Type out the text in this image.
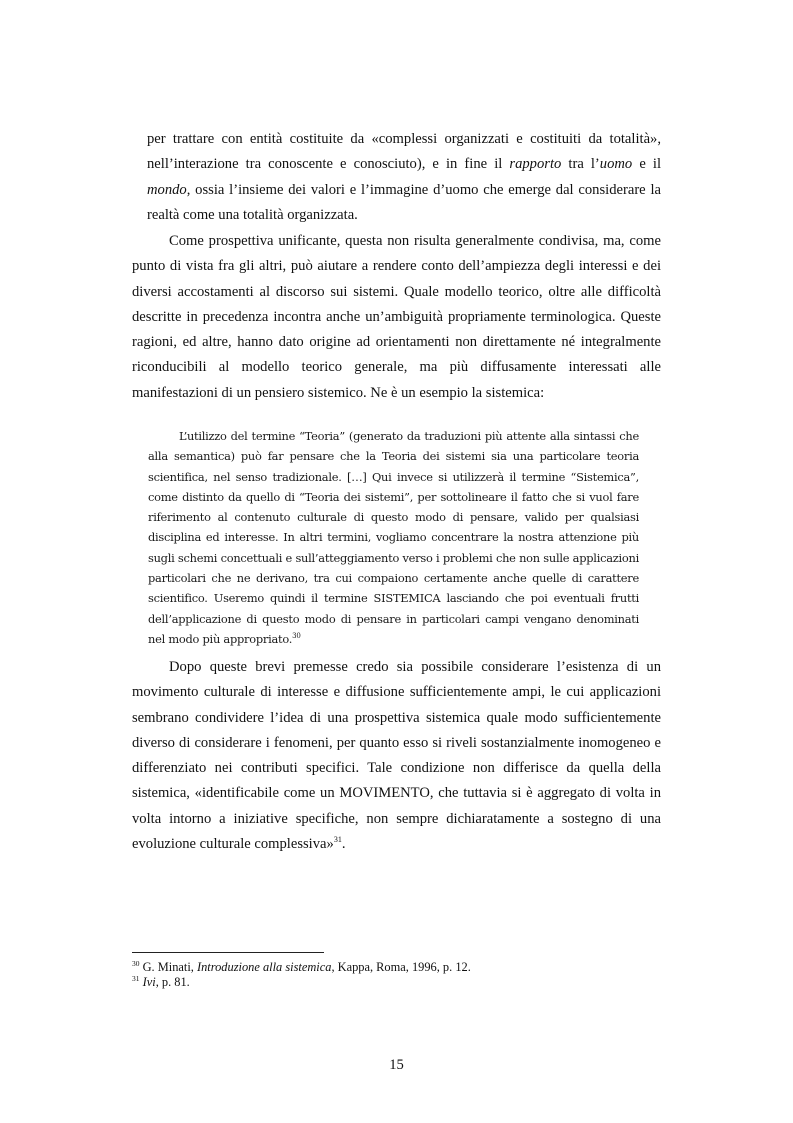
per trattare con entità costituite da «complessi organizzati e costituiti da totalità», nell’interazione tra conoscente e conosciuto), e in fine il rapporto tra l’uomo e il mondo, ossia l’insieme dei valori e l’immagine d’uomo che emerge dal considerare la realtà come una totalità organizzata.

Come prospettiva unificante, questa non risulta generalmente condivisa, ma, come punto di vista fra gli altri, può aiutare a rendere conto dell’ampiezza degli interessi e dei diversi accostamenti al discorso sui sistemi. Quale modello teorico, oltre alle difficoltà descritte in precedenza incontra anche un’ambiguità propriamente terminologica. Queste ragioni, ed altre, hanno dato origine ad orientamenti non direttamente né integralmente riconducibili al modello teorico generale, ma più diffusamente interessati alle manifestazioni di un pensiero sistemico. Ne è un esempio la sistemica:

L’utilizzo del termine “Teoria” (generato da traduzioni più attente alla sintassi che alla semantica) può far pensare che la Teoria dei sistemi sia una particolare teoria scientifica, nel senso tradizionale. […] Qui invece si utilizzerà il termine “Sistemica”, come distinto da quello di “Teoria dei sistemi”, per sottolineare il fatto che si vuol fare riferimento al contenuto culturale di questo modo di pensare, valido per qualsiasi disciplina ed interesse. In altri termini, vogliamo concentrare la nostra attenzione più sugli schemi concettuali e sull’atteggiamento verso i problemi che non sulle applicazioni particolari che ne derivano, tra cui compaiono certamente anche quelle di carattere scientifico. Useremo quindi il termine SISTEMICA lasciando che poi eventuali frutti dell’applicazione di questo modo di pensare in particolari campi vengano denominati nel modo più appropriato.$^{30}$

Dopo queste brevi premesse credo sia possibile considerare l’esistenza di un movimento culturale di interesse e diffusione sufficientemente ampi, le cui applicazioni sembrano condividere l’idea di una prospettiva sistemica quale modo sufficientemente diverso di considerare i fenomeni, per quanto esso si riveli sostanzialmente inomogeneo e differenziato nei contributi specifici. Tale condizione non differisce da quella della sistemica, «identificabile come un MOVIMENTO, che tuttavia si è aggregato di volta in volta intorno a iniziative specifiche, non sempre dichiaratamente a sostegno di una evoluzione culturale complessiva»$^{31}$.

$^{30}$ G. Minati, Introduzione alla sistemica, Kappa, Roma, 1996, p. 12.

$^{31}$ Ivi, p. 81.

15
